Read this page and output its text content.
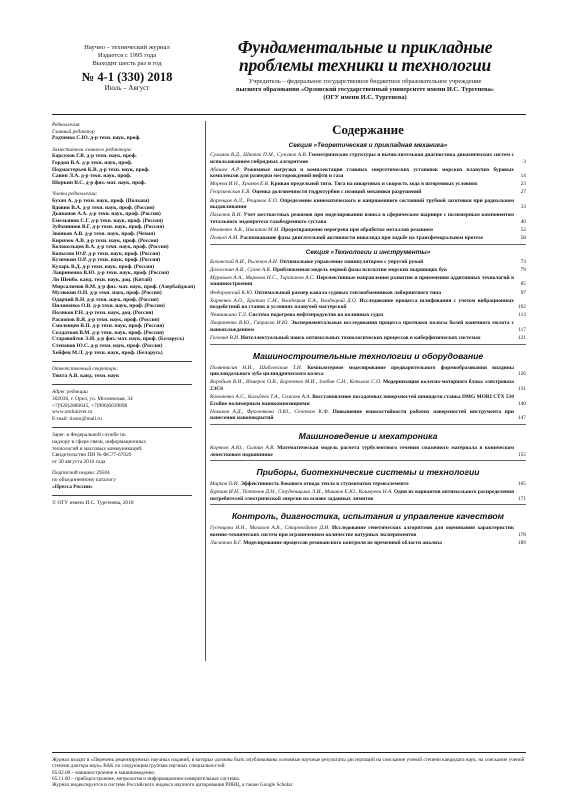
Научно – технический журнал
Издается с 1995 года
Выходит шесть раз в год
№ 4-1 (330) 2018
Июль – Август
Фундаментальные и прикладные
проблемы техники и технологии
Учредитель – федеральное государственное бюджетное образовательное учреждение
высшего образования «Орловский государственный университет имени И.С. Тургенева»
(ОГУ имени И.С. Тургенева)
Редколлегия
Главный редактор
Радченко С.Ю. д-р техн. наук, проф.
Заместители главного редактора:
Барсуков Г.В. д-р техн. наук, проф.
Гордон В.А. д-р техн. наук, проф.
Подмастерьев К.В. д-р техн. наук, проф.
Савин Л.А. д-р техн. наук, проф.
Шоркин В.С. д-р физ.-мат. наук, проф.
Члены редколлегии:
Бухач А. д-р техн. наук, проф. (Польша)
Вдовин В.А. д-р техн. наук, проф. (Россия)
Дьяконов А.А. д-р техн. наук, проф. (Россия)
Емельянов С.Г. д-р техн. наук, проф. (Россия)
Зубчанинов В.Г. д-р техн. наук, проф. (Россия)
Звонков А.В. д-р техн. наук, проф. (Чехия)
Киричек А.В. д-р техн. наук, проф. (Россия)
Колокольцев В.А. д-р техн. наук, проф. (Россия)
Копылов Ю.Р. д-р техн. наук, проф. (Россия)
Кузичкин О.Р. д-р техн. наук, проф. (Россия)
Кухарь В.Д. д-р техн. наук, проф. (Россия)
Лавриненко В.Ю. д-р техн. наук, проф. (Россия)
Ли Шенбо. канд. техн. наук, доц. (Китай)
Мирсалимов В.М. д-р физ.-мат. наук, проф. (Азербайджан)
Мулюкин О.П. д-р техн. наук, проф. (Россия)
Одарчий В.Н. д-р техн. наук, проф. (Россия)
Пилипенко О.В. д-р техн. наук, проф. (Россия)
Поляков Р.Н. д-р техн. наук, доц. (Россия)
Распопов В.Я. д-р техн. наук, проф. (Россия)
Смоленцев В.П. д-р техн. наук, проф. (Россия)
Солдатков В.М. д-р техн. наук, проф. (Россия)
Старовойтов Э.И. д-р физ.-мат. наук, проф. (Беларусь)
Степанов Ю.С. д-р техн. наук, проф. (Россия)
Хейфец М.Л. д-р техн. наук, проф. (Беларусь)
Ответственный секретарь:
Тюхта А.В. канд. техн. наук
Адрес редакции
302030, г. Орел, ул. Московская, 34
+7(920)2886645, +7(906)6639898
www.oreluniver.ru
E-mail: tiostu@mail.ru
Зарег. в Федеральной службе по
надзору в сфере связи, информационных
технологий и массовых коммуникаций.
Свидетельство ПИ № ФС77-67029
от 30 августа 2016 года
Подписной индекс 29504
по объединенному каталогу
«Пресса России»
© ОГУ имени И.С. Тургенева, 2018
Содержание
Секция «Теоретическая и прикладная механика»
Сулимов В.Д., Шкапов П.М., Сулимов А.В. Геометрические структуры и вычислительная диагностика динамических систем с использованием гибридных алгоритмов	3
Абашев А.Р. Режимные нагрузки и комплектация главных энергетических установок морских плавучих буровых комплексов для разведки месторождений нефти и газа	14
Морева И.Н., Хромов Е.В. Кривая предельной тяги. Тяга на швартовах и скорость хода в штормовых условиях	23
Георгиевская Е.В. Оценка долговечности гидротурбин с позиций механики разрушений	27
Воронцов А.Л., Рощиков Е.О. Определение кинематического и напряженного состояний трубной заготовки при радиальном выдавливании	33
Пахалюк В.И. Учет жесткостных режимов при моделировании износа в сферическом шарнире с полимерным компонентом тотального эндопротеза тазобедренного сустава	40
Немченко А.В., Никитин М.М. Предотвращение перегрева при обработке металлов резанием	52
Полиоп А.М. Распознавание фазы двигательной активности инвалида при ходьбе на трансфеморальном протезе	58
Секция «Технологии и инструменты»
Бохонский А.И., Рыжков А.И. Оптимальное управление манипулятором с упругой рукой	73
Дологонин А.В., Сухов А.К. Приближенная модель первой фазы всплытия морских вырвющих бук	79
Муравьев А.А., Маркова Н.С., Тарапанов А.С. Перспективные направления развития и применения аддитивных технологий в машиностроении	85
Федоровский К.Ю. Оптимальный размер каналa судовых теплообменников лабиринтного типа	97
Харченко А.О., Братан С.М., Владецкая Е.А., Владецкий Д.О. Исследование процесса шлифования с учетом вибрационных воздействий на станок в условиях плавучей мастерской	102
Чемашкина Т.Л. Система подогрева нефтепродуктов на наливных судах	113
Лавриненко В.Ю., Гаврилов И.Ю. Экспериментальные исследования процесса протяжки полосы болей конечного молота с наноохлаждением	117
Головин В.И. Интеллектуальный поиск оптимальных технологических процессов в киберфизических системах	121
Машиностроительные технологии и оборудование
Поляннисин Н.И., Шабловская Т.Н. Компьютерное моделирование предварительного формообразования впадины циклоидального зуба цилиндрического колеса	126
Воробьев В.И., Измеров О.В., Борзенков М.И., Злобин С.Н., Копылов С.О. Модернизация колесно-моторного блока электровоза 2ЭС6	131
Кононенко А.С., Кальдеев Т.А., Сажаев А.А. Восстановление посадочных поверхностей шпинделя станка DMG MORI CTX 510 Ecoline полимерным нанокомпозициями	140
Новиков А.Д., Фроленкова Л.Ю., Сезенков К.Ф. Повышение износостойкости рабочих поверхностей инструмента при нанесении нанопокрытий	147
Машиноведение и мехатроника
Корчков А.Ю., Сытин А.В. Математическая модель расчета турбулентного течения смазочного материала в коническом лепестковом подшипнике	155
Приборы, биотехнические системы и технологии
Марков О.И. Эффективность бокового отвода тепла в ступенчатом термоэлементе	165
Буршин И.Н., Тютюнов Д.Н., Студеницына Л.И., Машков Е.Ю., Кошерева Н.А. Одни из вариантов оптимального распределения потребителей электрической энергии на основе заданных лимитов	171
Контроль, диагностика, испытания и управление качеством
Гусенцова Я.Н., Малахов А.В., Старовойтов Д.И. Исследование генетических алгоритмов для оценивания характеристик военно-технических систем при ограниченном количестве натурных экспериментов	178
Лисичкин В.Г. Моделирование процессов резонансного контроля во временной области анализа	189
Журнал входит в «Перечень рецензируемых научных изданий, в которых должны быть опубликованы основные научные результаты диссертаций на соискание ученой степени кандидата наук, на соискание ученой степени доктора наук» ВАК по следующим группам научных специальностей:
05.02.00 – машиностроение и машиноведение;
05.11.00 – приборостроение, метрология и информационно-измерительные системы.
Журнал индексируется в системе Российского индекса научного цитирования РИНЦ, а также Google Scholar
